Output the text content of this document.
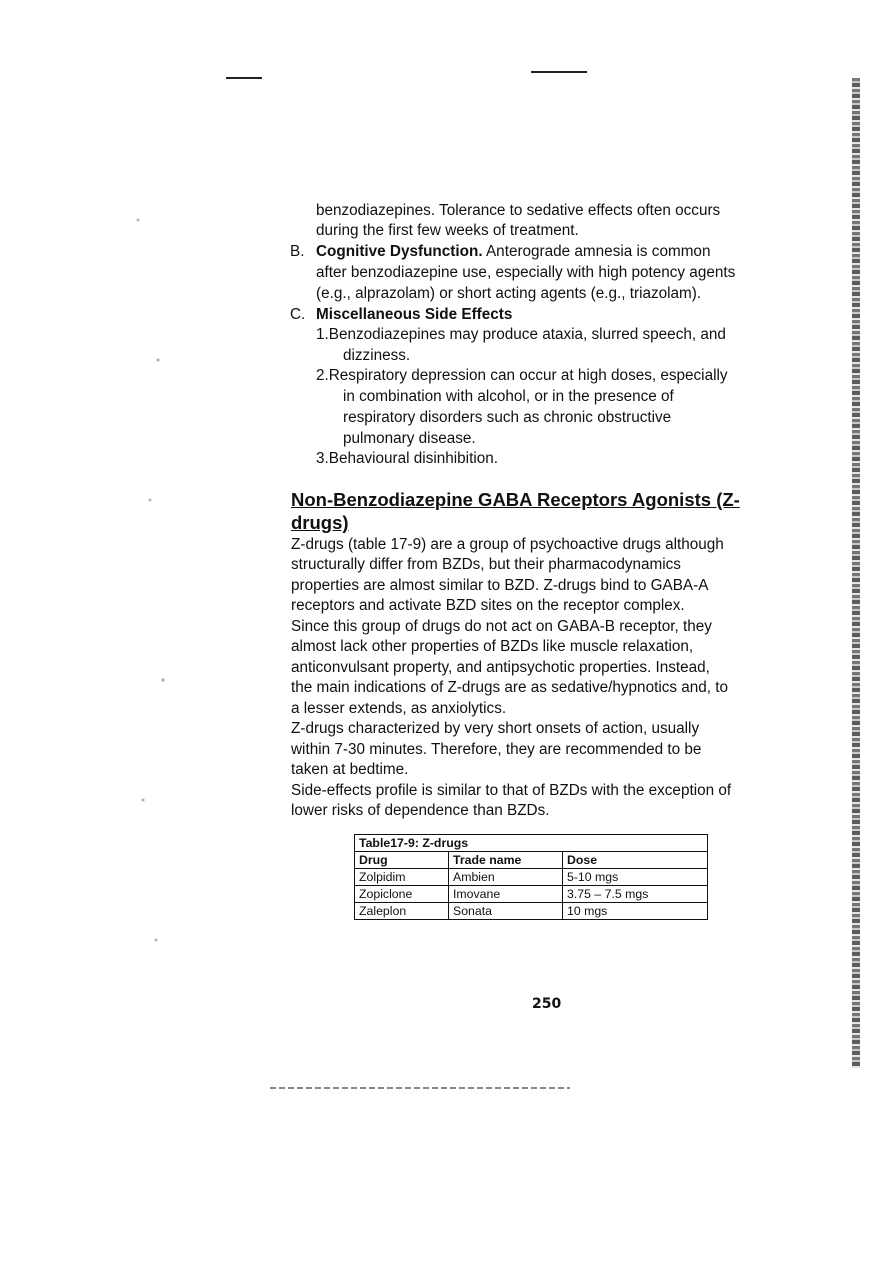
benzodiazepines. Tolerance to sedative effects often occurs
during the first few weeks of treatment.
B. Cognitive Dysfunction. Anterograde amnesia is common
after benzodiazepine use, especially with high potency agents
(e.g., alprazolam) or short acting agents (e.g., triazolam).
C. Miscellaneous Side Effects
1.Benzodiazepines may produce ataxia, slurred speech, and
dizziness.
2.Respiratory depression can occur at high doses, especially
in combination with alcohol, or in the presence of
respiratory disorders such as chronic obstructive
pulmonary disease.
3.Behavioural disinhibition.
Non-Benzodiazepine GABA Receptors Agonists (Z-
drugs)
Z-drugs (table 17-9) are a group of psychoactive drugs although
structurally differ from BZDs, but their pharmacodynamics
properties are almost similar to BZD. Z-drugs bind to GABA-A
receptors and activate BZD sites on the receptor complex.
Since this group of drugs do not act on GABA-B receptor, they
almost lack other properties of BZDs like muscle relaxation,
anticonvulsant property, and antipsychotic properties. Instead,
the main indications of Z-drugs are as sedative/hypnotics and, to
a lesser extends, as anxiolytics.
Z-drugs characterized by very short onsets of action, usually
within 7-30 minutes. Therefore, they are recommended to be
taken at bedtime.
Side-effects profile is similar to that of BZDs with the exception of
lower risks of dependence than BZDs.
Table17-9: Z-drugs		
Drug	Trade name	Dose
Zolpidim	Ambien	5-10 mgs
Zopiclone	Imovane	3.75 – 7.5 mgs
Zaleplon	Sonata	10 mgs
250
